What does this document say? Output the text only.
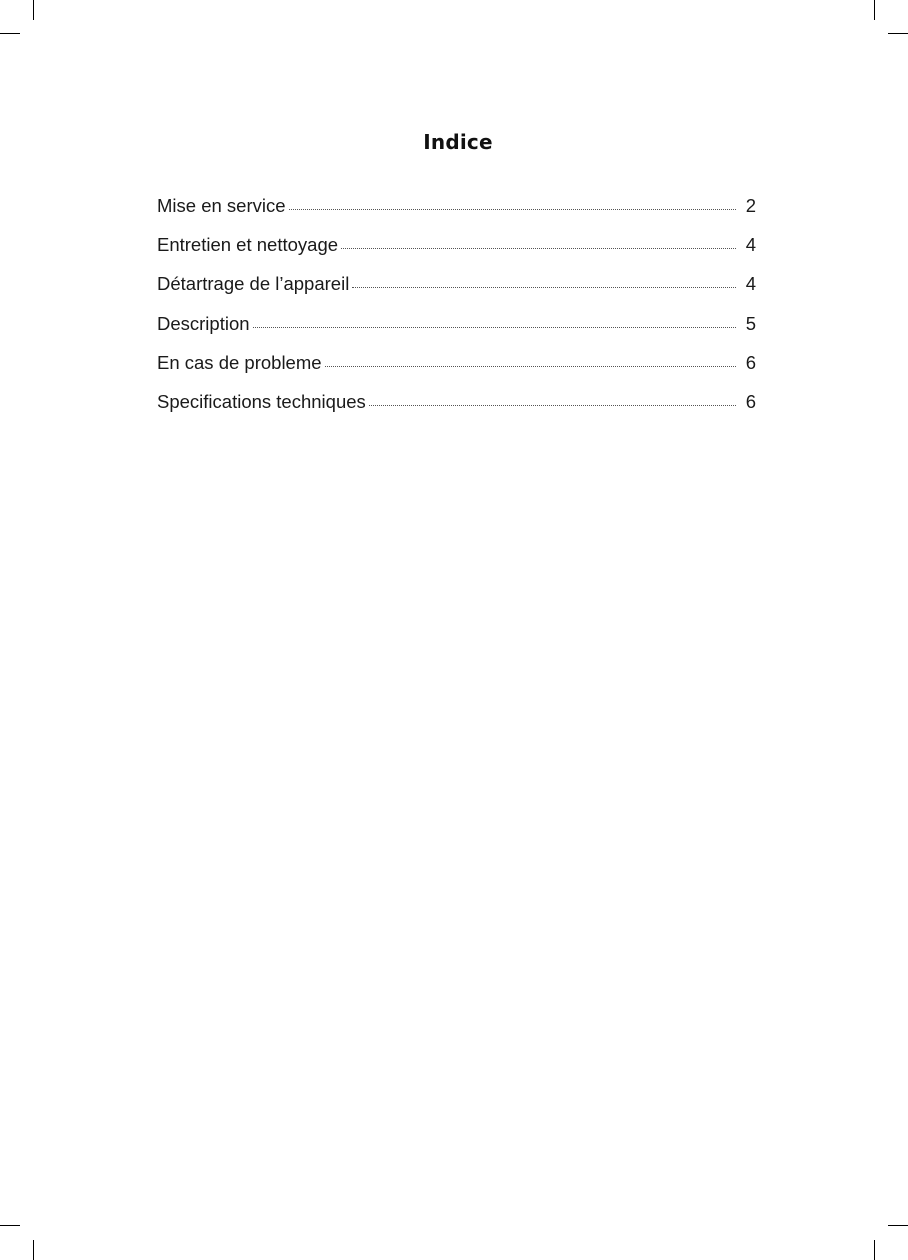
Indice
Mise en service	2
Entretien et nettoyage	4
Détartrage de l’appareil	4
Description	5
En cas de probleme	6
Specifications techniques	6
